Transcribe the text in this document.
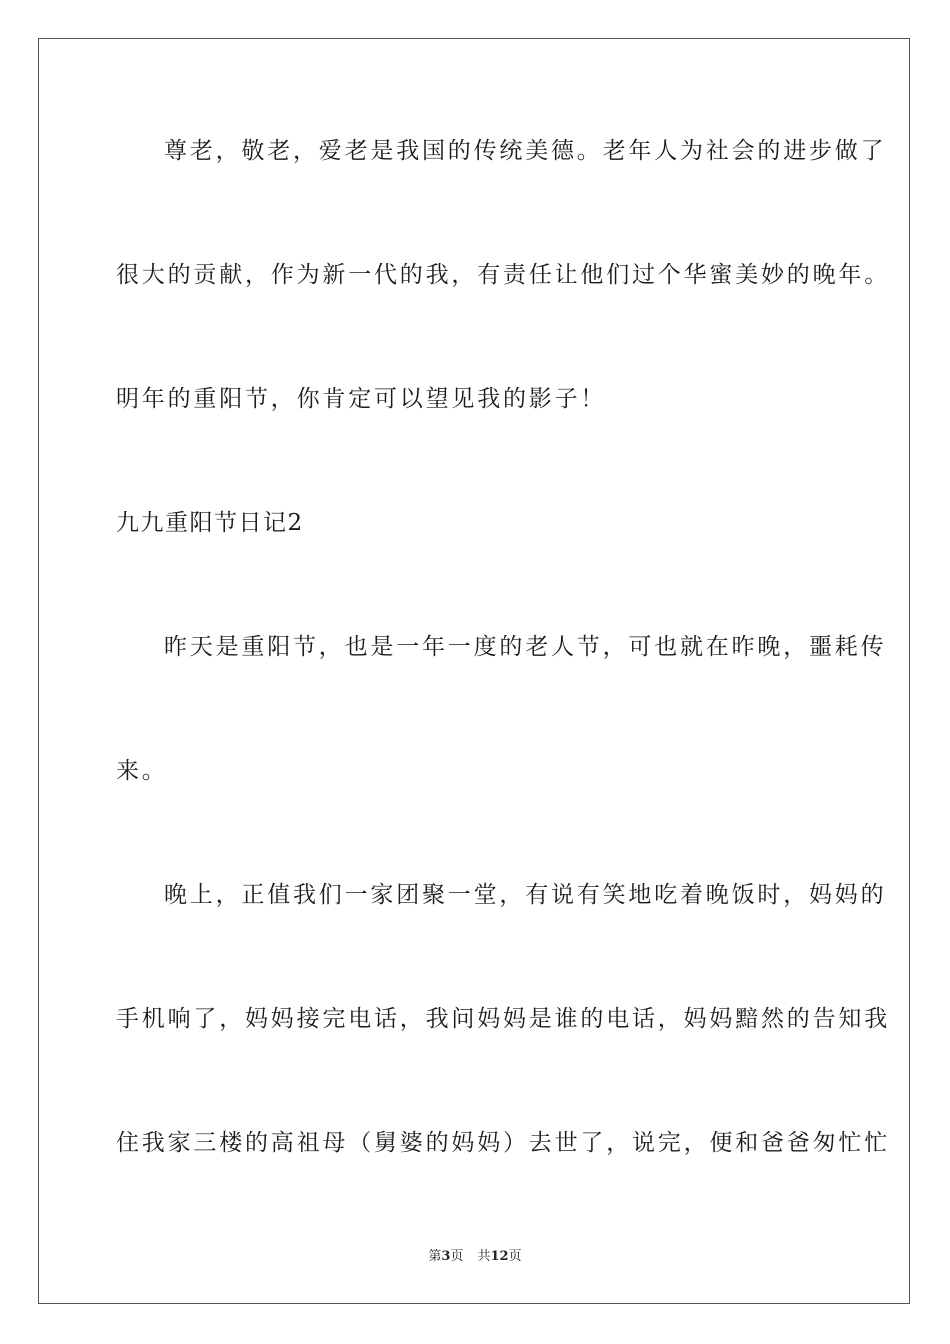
尊老，敬老，爱老是我国的传统美德。老年人为社会的进步做了
很大的贡献，作为新一代的我，有责任让他们过个华蜜美妙的晚年。
明年的重阳节，你肯定可以望见我的影子！
九九重阳节日记2
昨天是重阳节，也是一年一度的老人节，可也就在昨晚，噩耗传
来。
晚上，正值我们一家团聚一堂，有说有笑地吃着晚饭时，妈妈的
手机响了，妈妈接完电话，我问妈妈是谁的电话，妈妈黯然的告知我
住我家三楼的高祖母（舅婆的妈妈）去世了，说完，便和爸爸匆忙忙
第3页 共12页
